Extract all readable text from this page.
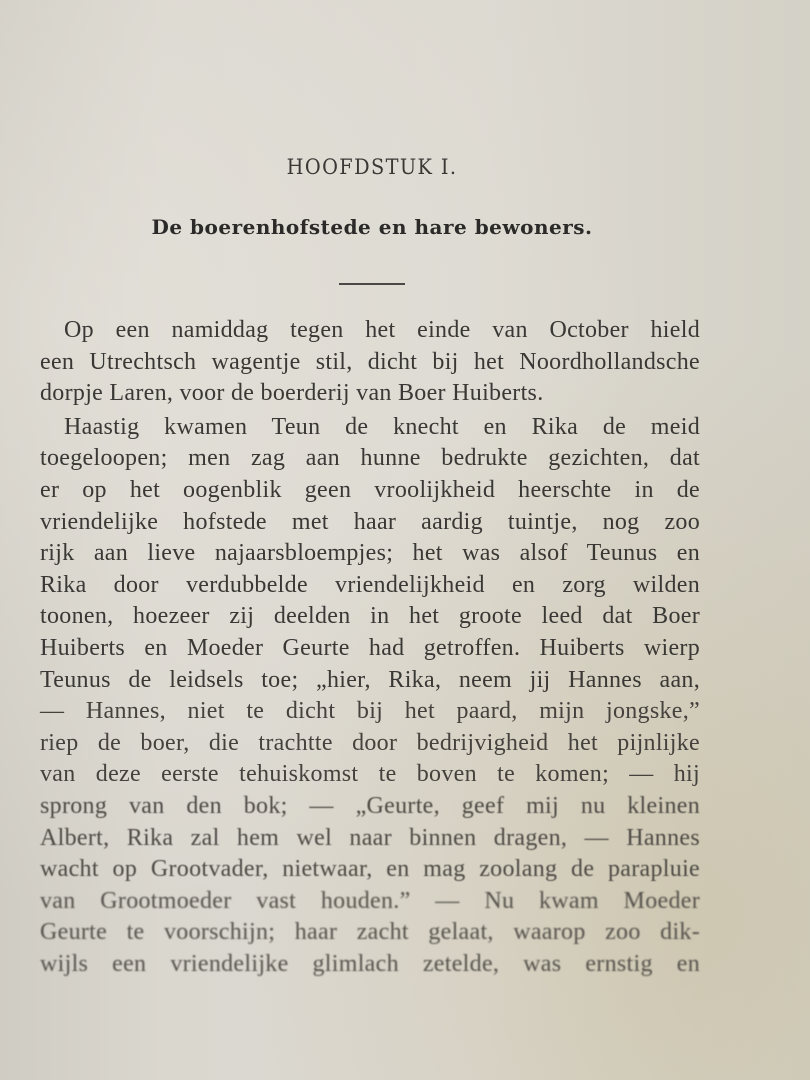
HOOFDSTUK I.
De boerenhofstede en hare bewoners.
Op een namiddag tegen het einde van October hield
een Utrechtsch wagentje stil, dicht bij het Noordhollandsche
dorpje Laren, voor de boerderij van Boer Huiberts.
Haastig kwamen Teun de knecht en Rika de meid
toegeloopen; men zag aan hunne bedrukte gezichten, dat
er op het oogenblik geen vroolijkheid heerschte in de
vriendelijke hofstede met haar aardig tuintje, nog zoo
rijk aan lieve najaarsbloempjes; het was alsof Teunus en
Rika door verdubbelde vriendelijkheid en zorg wilden
toonen, hoezeer zij deelden in het groote leed dat Boer
Huiberts en Moeder Geurte had getroffen. Huiberts wierp
Teunus de leidsels toe; „hier, Rika, neem jij Hannes aan,
— Hannes, niet te dicht bij het paard, mijn jongske,”
riep de boer, die trachtte door bedrijvigheid het pijnlijke
van deze eerste tehuiskomst te boven te komen; — hij
sprong van den bok; — „Geurte, geef mij nu kleinen
Albert, Rika zal hem wel naar binnen dragen, — Hannes
wacht op Grootvader, nietwaar, en mag zoolang de parapluie
van Grootmoeder vast houden.” — Nu kwam Moeder
Geurte te voorschijn; haar zacht gelaat, waarop zoo dik-
wijls een vriendelijke glimlach zetelde, was ernstig en
